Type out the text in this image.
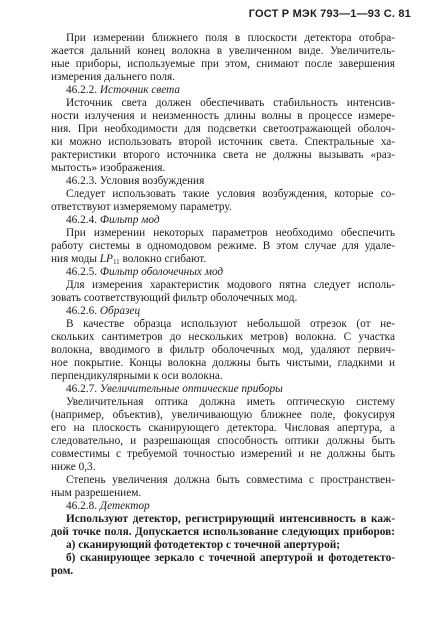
ГОСТ Р МЭК 793—1—93 С. 81
При измерении ближнего поля в плоскости детектора отобра-
жается дальний конец волокна в увеличенном виде. Увеличитель-
ные приборы, используемые при этом, снимают после завершения
измерения дальнего поля.
46.2.2. Источник света
Источник света должен обеспечивать стабильность интенсив-
ности излучения и неизменность длины волны в процессе измере-
ния. При необходимости для подсветки светоотражающей оболоч-
ки можно использовать второй источник света. Спектральные ха-
рактеристики второго источника света не должны вызывать «раз-
мытость» изображения.
46.2.3. Условия возбуждения
Следует использовать такие условия возбуждения, которые со-
ответствуют измеряемому параметру.
46.2.4. Фильтр мод
При измерении некоторых параметров необходимо обеспечить
работу системы в одномодовом режиме. В этом случае для удале-
ния моды $LP_{11}$ волокно сгибают.
46.2.5. Фильтр оболочечных мод
Для измерения характеристик модового пятна следует исполь-
зовать соответствующий фильтр оболочечных мод.
46.2.6. Образец
В качестве образца используют небольшой отрезок (от не-
скольких сантиметров до нескольких метров) волокна. С участка
волокна, вводимого в фильтр оболочечных мод, удаляют первич-
ное покрытие. Концы волокна должны быть чистыми, гладкими и
перпендикулярными к оси волокна.
46.2.7. Увеличительные оптические приборы
Увеличительная оптика должна иметь оптическую систему
(например, объектив), увеличивающую ближнее поле, фокусируя
его на плоскость сканирующего детектора. Числовая апертура, а
следовательно, и разрешающая способность оптики должны быть
совместимы с требуемой точностью измерений и не должны быть
ниже 0,3.
Степень увеличения должна быть совместима с пространствен-
ным разрешением.
46.2.8. Детектор
Используют детектор, регистрирующий интенсивность в каж-
дой точке поля. Допускается использование следующих приборов:
а) сканирующий фотодетектор с точечной апертурой;
б) сканирующее зеркало с точечной апертурой и фотодетекто-
ром.
